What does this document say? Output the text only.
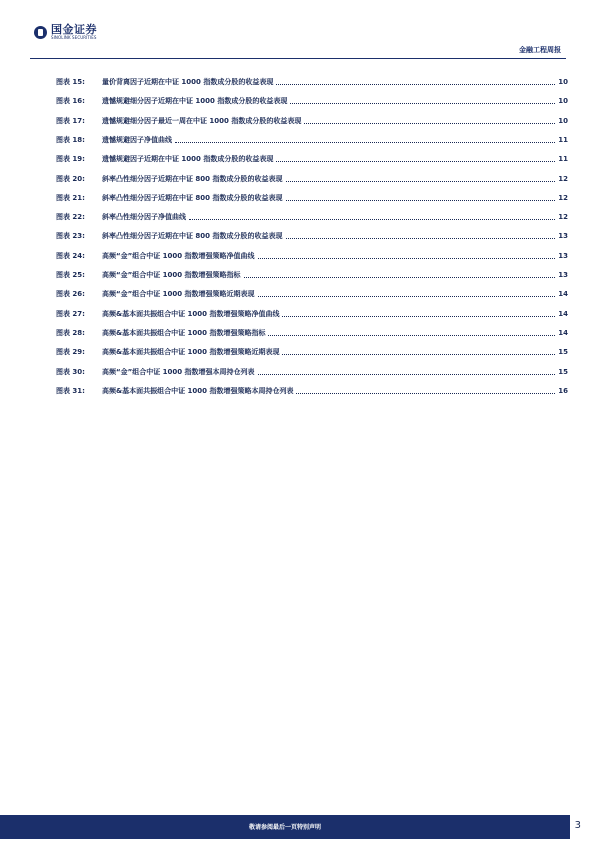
国金证券
SINOLINK SECURITIES
金融工程周报
图表 15:	量价背离因子近期在中证 1000 指数成分股的收益表现	10
图表 16:	遗憾规避细分因子近期在中证 1000 指数成分股的收益表现	10
图表 17:	遗憾规避细分因子最近一周在中证 1000 指数成分股的收益表现	10
图表 18:	遗憾规避因子净值曲线	11
图表 19:	遗憾规避因子近期在中证 1000 指数成分股的收益表现	11
图表 20:	斜率凸性细分因子近期在中证 800 指数成分股的收益表现	12
图表 21:	斜率凸性细分因子近期在中证 800 指数成分股的收益表现	12
图表 22:	斜率凸性细分因子净值曲线	12
图表 23:	斜率凸性细分因子近期在中证 800 指数成分股的收益表现	13
图表 24:	高频“金”组合中证 1000 指数增强策略净值曲线	13
图表 25:	高频“金”组合中证 1000 指数增强策略指标	13
图表 26:	高频“金”组合中证 1000 指数增强策略近期表现	14
图表 27:	高频&基本面共振组合中证 1000 指数增强策略净值曲线	14
图表 28:	高频&基本面共振组合中证 1000 指数增强策略指标	14
图表 29:	高频&基本面共振组合中证 1000 指数增强策略近期表现	15
图表 30:	高频“金”组合中证 1000 指数增强本周持仓列表	15
图表 31:	高频&基本面共振组合中证 1000 指数增强策略本周持仓列表	16
敬请参阅最后一页特别声明	3
